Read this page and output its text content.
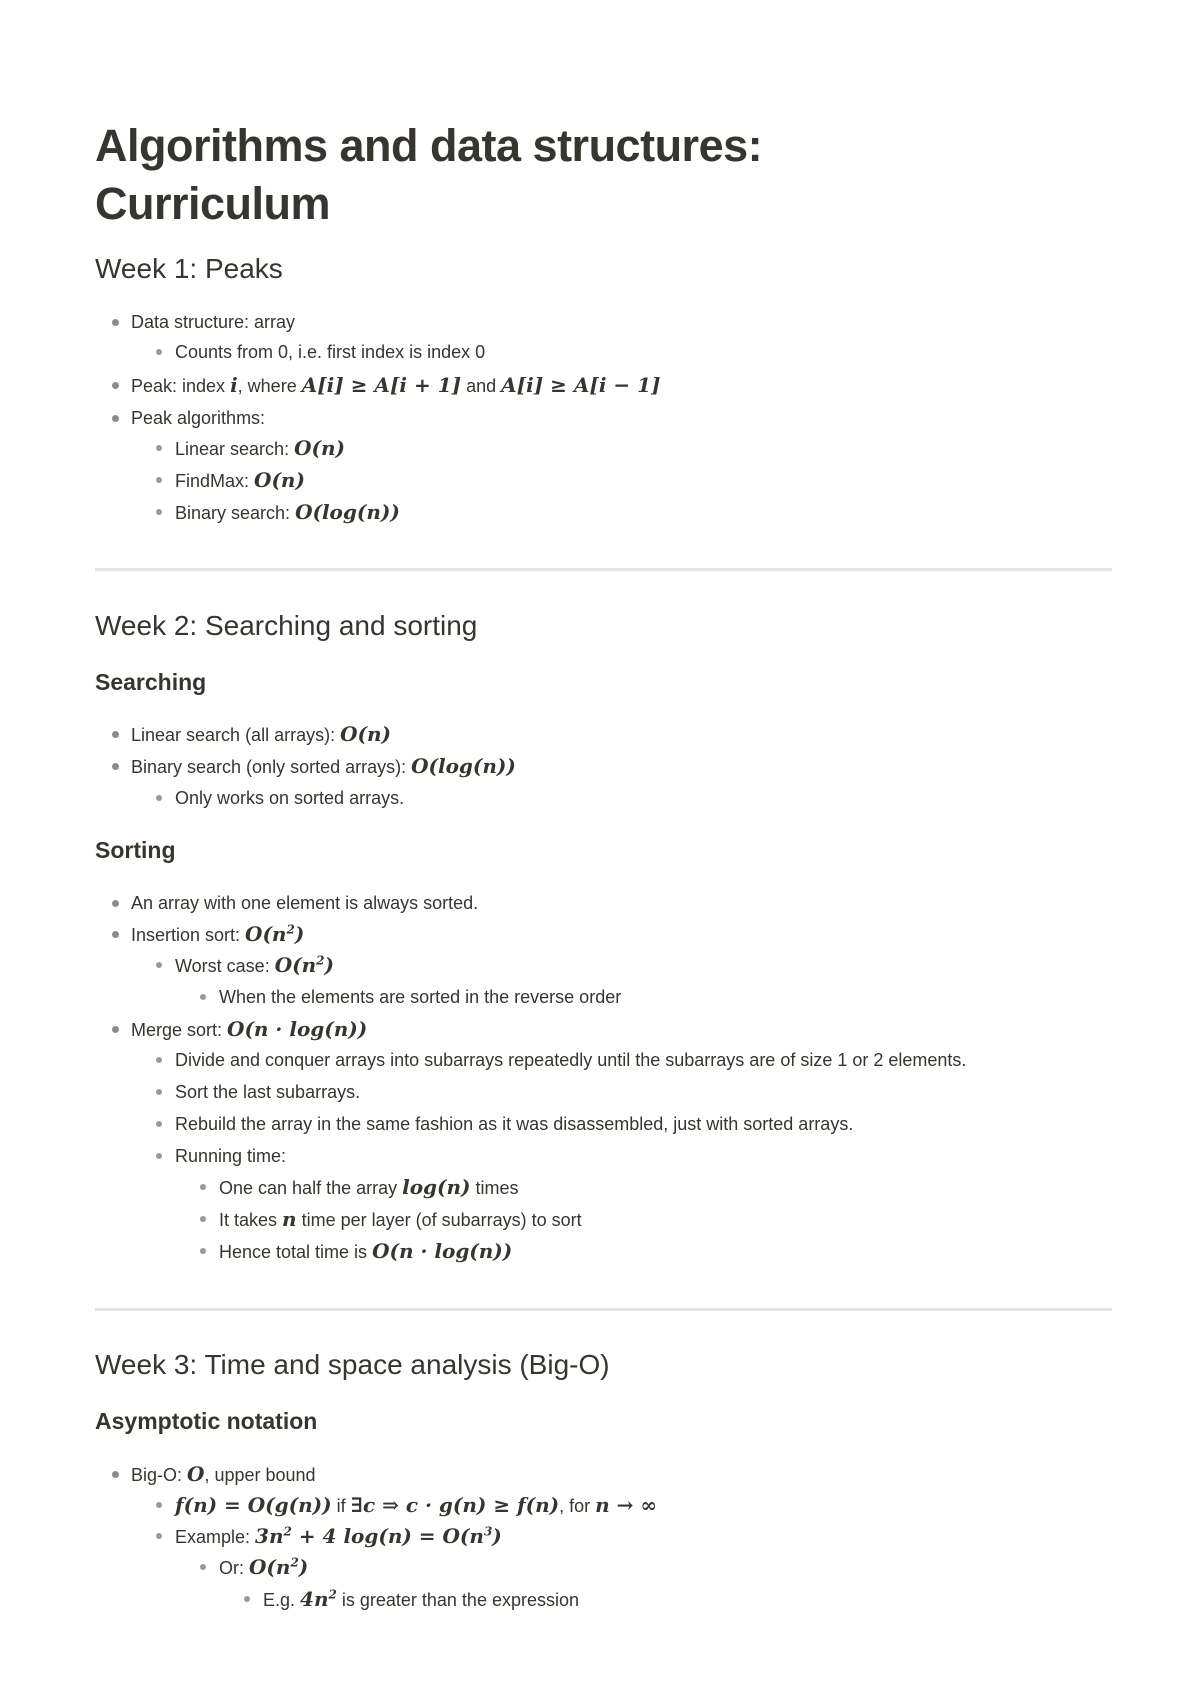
Algorithms and data structures:
Curriculum
Week 1: Peaks
Data structure: array
Counts from 0, i.e. first index is index 0
Peak: index i, where A[i] ≥ A[i + 1] and A[i] ≥ A[i − 1]
Peak algorithms:
Linear search: O(n)
FindMax: O(n)
Binary search: O(log(n))
Week 2: Searching and sorting
Searching
Linear search (all arrays): O(n)
Binary search (only sorted arrays): O(log(n))
Only works on sorted arrays.
Sorting
An array with one element is always sorted.
Insertion sort: $O(n^2)$
Worst case: $O(n^2)$
When the elements are sorted in the reverse order
Merge sort: O(n · log(n))
Divide and conquer arrays into subarrays repeatedly until the subarrays are of size 1 or 2 elements.
Sort the last subarrays.
Rebuild the array in the same fashion as it was disassembled, just with sorted arrays.
Running time:
One can half the array log(n) times
It takes n time per layer (of subarrays) to sort
Hence total time is O(n · log(n))
Week 3: Time and space analysis (Big-O)
Asymptotic notation
Big-O: O, upper bound
f(n) = O(g(n)) if ∃c ⇒ c · g(n) ≥ f(n), for n → ∞
Example: $3n^2 + 4$ $\log(n) = O(n^3)$
Or: $O(n^2)$
E.g. $4n^2$ is greater than the expression
